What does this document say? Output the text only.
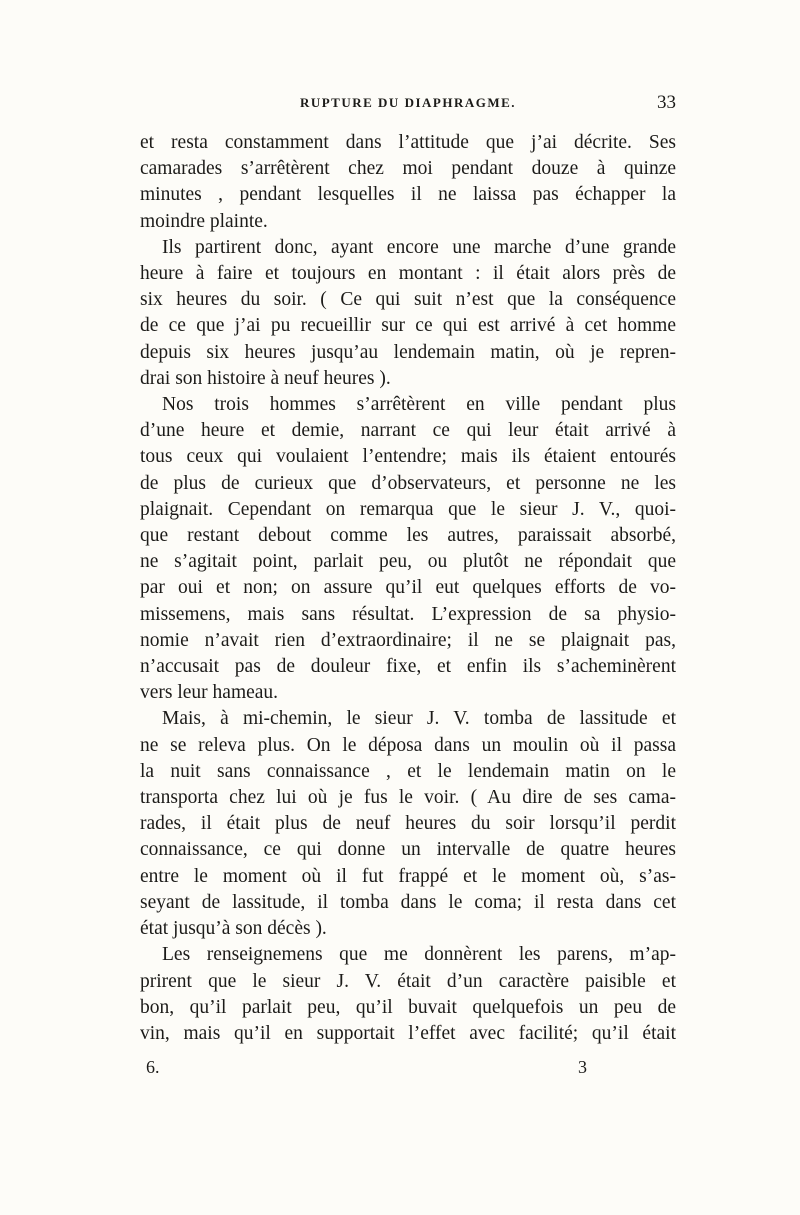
RUPTURE DU DIAPHRAGME.	33

et resta constamment dans l’attitude que j’ai décrite. Ses
camarades s’arrêtèrent chez moi pendant douze à quinze
minutes , pendant lesquelles il ne laissa pas échapper la
moindre plainte.

Ils partirent donc, ayant encore une marche d’une grande
heure à faire et toujours en montant : il était alors près de
six heures du soir. ( Ce qui suit n’est que la conséquence
de ce que j’ai pu recueillir sur ce qui est arrivé à cet homme
depuis six heures jusqu’au lendemain matin, où je repren-
drai son histoire à neuf heures ).

Nos trois hommes s’arrêtèrent en ville pendant plus
d’une heure et demie, narrant ce qui leur était arrivé à
tous ceux qui voulaient l’entendre; mais ils étaient entourés
de plus de curieux que d’observateurs, et personne ne les
plaignait. Cependant on remarqua que le sieur J. V., quoi-
que restant debout comme les autres, paraissait absorbé,
ne s’agitait point, parlait peu, ou plutôt ne répondait que
par oui et non; on assure qu’il eut quelques efforts de vo-
missemens, mais sans résultat. L’expression de sa physio-
nomie n’avait rien d’extraordinaire; il ne se plaignait pas,
n’accusait pas de douleur fixe, et enfin ils s’acheminèrent
vers leur hameau.

Mais, à mi-chemin, le sieur J. V. tomba de lassitude et
ne se releva plus. On le déposa dans un moulin où il passa
la nuit sans connaissance , et le lendemain matin on le
transporta chez lui où je fus le voir. ( Au dire de ses cama-
rades, il était plus de neuf heures du soir lorsqu’il perdit
connaissance, ce qui donne un intervalle de quatre heures
entre le moment où il fut frappé et le moment où, s’as-
seyant de lassitude, il tomba dans le coma; il resta dans cet
état jusqu’à son décès ).

Les renseignemens que me donnèrent les parens, m’ap-
prirent que le sieur J. V. était d’un caractère paisible et
bon, qu’il parlait peu, qu’il buvait quelquefois un peu de
vin, mais qu’il en supportait l’effet avec facilité; qu’il était

6.	3
